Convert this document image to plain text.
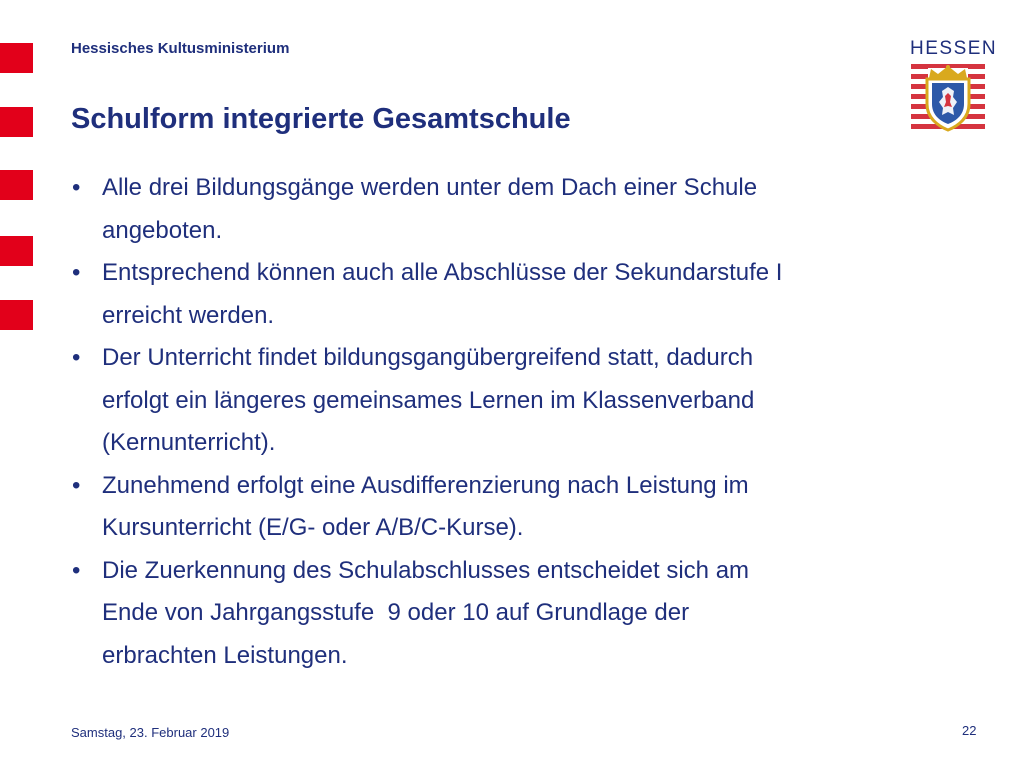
Hessisches Kultusministerium	HESSEN
Schulform integrierte Gesamtschule
• Alle drei Bildungsgänge werden unter dem Dach einer Schule
angeboten.
• Entsprechend können auch alle Abschlüsse der Sekundarstufe I
erreicht werden.
• Der Unterricht findet bildungsgangübergreifend statt, dadurch
erfolgt ein längeres gemeinsames Lernen im Klassenverband
(Kernunterricht).
• Zunehmend erfolgt eine Ausdifferenzierung nach Leistung im
Kursunterricht (E/G- oder A/B/C-Kurse).
• Die Zuerkennung des Schulabschlusses entscheidet sich am
Ende von Jahrgangsstufe  9 oder 10 auf Grundlage der
erbrachten Leistungen.
Samstag, 23. Februar 2019	22
